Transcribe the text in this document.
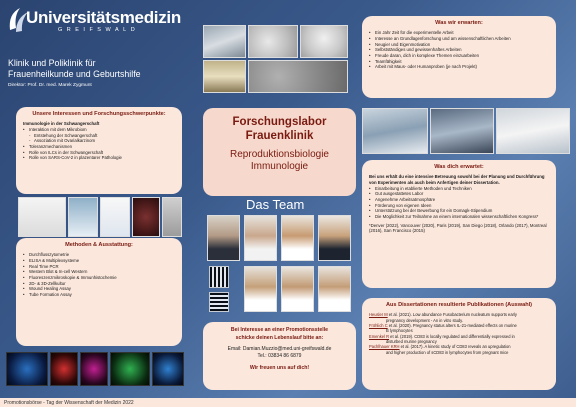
Universitätsmedizin
GREIFSWALD
Klinik und Poliklinik für
Frauenheilkunde und Geburtshilfe
Direktor: Prof. Dr. med. Marek Zygmunt
Unsere Interessen und Forschungsschwerpunkte:
Immunologie in der Schwangerschaft
• Interaktion mit dem Mikrobiom
- Entstehung der Schwangerschaft
- Assoziation mit Ovarialkarzinom
• Toleranzmechanismen
• Rolle von ILCs in der Schwangerschaft
• Rolle von SARS-CoV-2 in plazentarer Pathologie
Methoden & Ausstattung:
• Durchflusszytometrie
• ELISA & Multiplexsysteme
• Real Time PCR
• Western Blot & In-cell Western
• Fluoreszenzmikroskopie & Immunhistochemie
• 2D- & 3D-Zellkultur
• Wound Healing Assay
• Tube Formation Assay
Forschungslabor
Frauenklinik
Reproduktionsbiologie
Immunologie
Das Team
Bei Interesse an einer Promotionsstelle
schicke deinen Lebenslauf bitte an:
Email: Damian.Muzzio@med.uni-greifswald.de
Tel.: 03834 86 6879
Wir freuen uns auf dich!
Was wir erwarten:
• Ein Jahr Zeit für die experimentelle Arbeit
• Interesse an Grundlagenforschung und am wissenschaftlichen Arbeiten
• Neugier und Eigenmotivation
• Selbstständiges und gewissenhaftes Arbeiten
• Freude daran, dich in komplexe Themen einzuarbeiten
• Teamfähigkeit
• Arbeit mit Maus- oder Humanproben (je nach Projekt)
Was dich erwartet:
Bei uns erhält du eine intensive Betreuung sowohl bei der Planung und Durchführung von Experimenten als auch beim Anfertigen deiner Dissertation.
• Einarbeitung in etablierte Methoden und Techniken
• Gut ausgestattetes Labor
• Angenehme Arbeitsatmosphäre
• Förderung von eigenen Ideen
• Unterstützung bei der Bewerbung für ein Domagk-Stipendium
• Die Möglichkeit zur Teilnahme an einem internationalen wissenschaftlichen Kongress*
*Denver (2022), Vancouver (2020), Paris (2019), San Diego (2018), Orlando (2017), Montreal (2016), San Francisco (2015)
Aus Dissertationen resultierte Publikationen (Auswahl)
Heusler M et al. (2021). Low abundance Fusobacterium nucleatum supports early
pregnancy development - An in vitro study.
Fröhlich C et al. (2020). Pregnancy status alters IL-21-mediated effects on murine
B lymphocytes
Emenkel R et al. (2019). CD83 is locally regulated and differentially expressed in
disturbed murine pregnancy
Pachlhauer KRH et al. (2017). A kinetic study of CD83 reveals an upregulation
and higher production of sCD83 in lymphocytes from pregnant mice
Promotionsbörse - Tag der Wissenschaft der Medizin 2022
